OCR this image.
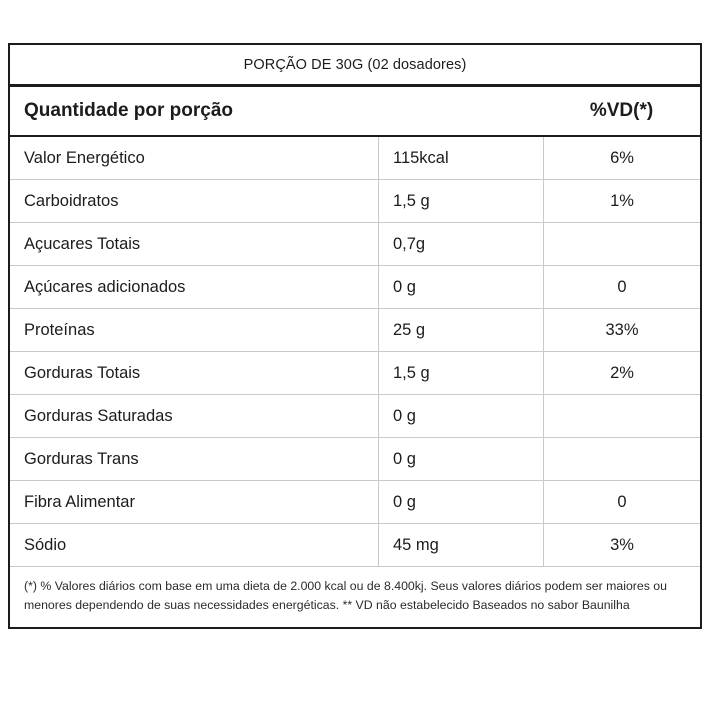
PORÇÃO DE 30G (02 dosadores)
Quantidade por porção	%VD(*)
Valor Energético	115kcal	6%
Carboidratos	1,5 g	1%
Açucares Totais	0,7g
Açúcares adicionados	0 g	0
Proteínas	25 g	33%
Gorduras Totais	1,5 g	2%
Gorduras Saturadas	0 g
Gorduras Trans	0 g
Fibra Alimentar	0 g	0
Sódio	45 mg	3%
(*) % Valores diários com base em uma dieta de 2.000 kcal ou de 8.400kj. Seus valores diários podem ser maiores ou menores dependendo de suas necessidades energéticas. ** VD não estabelecido Baseados no sabor Baunilha
